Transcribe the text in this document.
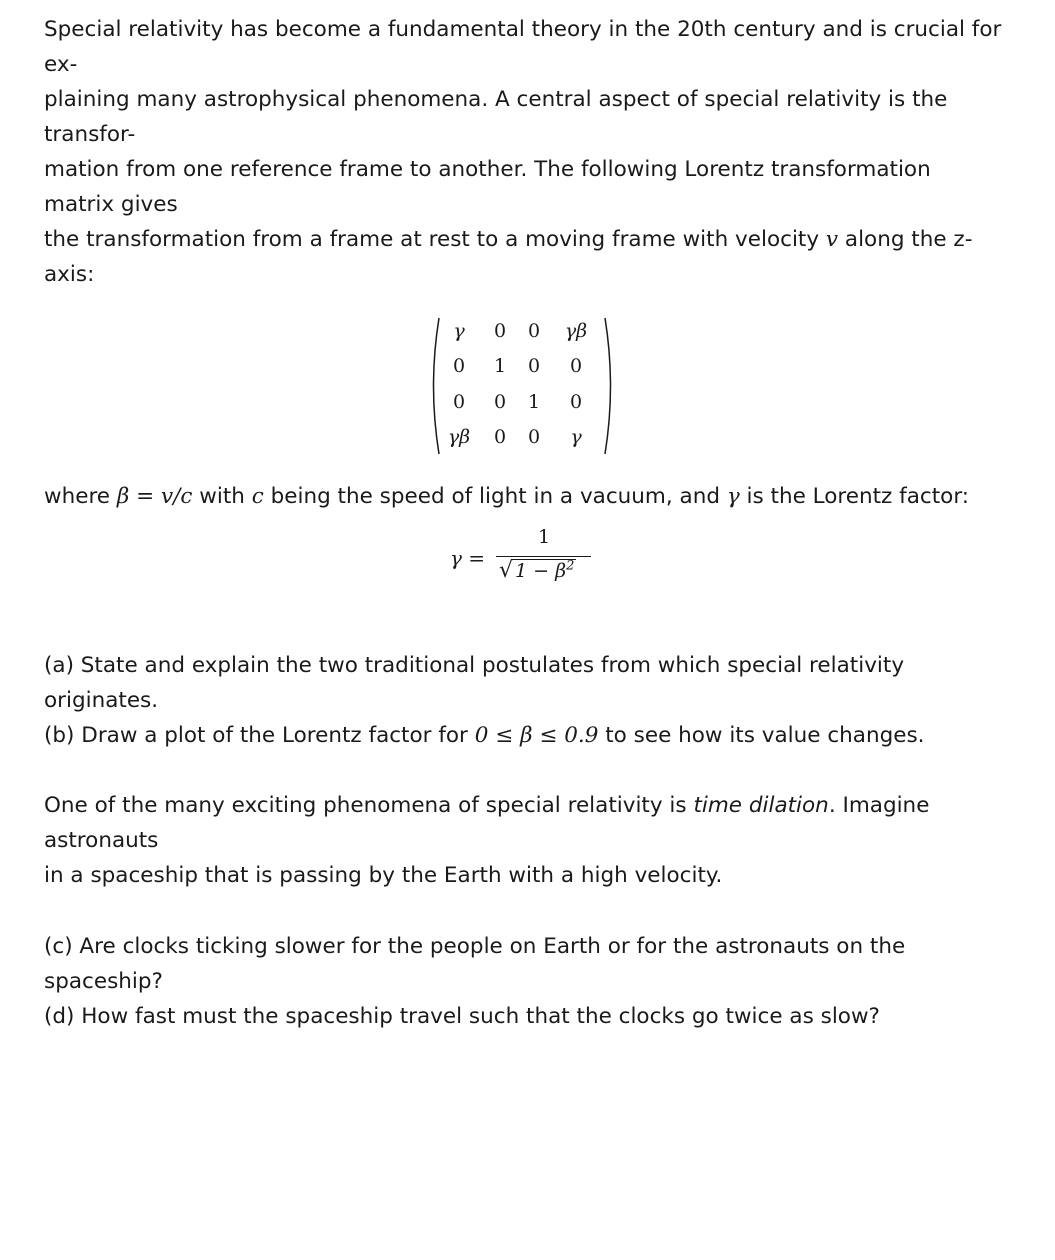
Special relativity has become a fundamental theory in the 20th century and is crucial for ex-
plaining many astrophysical phenomena. A central aspect of special relativity is the transfor-
mation from one reference frame to another. The following Lorentz transformation matrix gives
the transformation from a frame at rest to a moving frame with velocity v along the z-axis:

γ	0	0	γβ
0	1	0	0
0	0	1	0
γβ	0	0	γ

where β = v/c with c being the speed of light in a vacuum, and γ is the Lorentz factor:

γ =
1
√ $1 - \beta^2$

(a) State and explain the two traditional postulates from which special relativity originates.
(b) Draw a plot of the Lorentz factor for 0 ≤ β ≤ 0.9 to see how its value changes.

One of the many exciting phenomena of special relativity is time dilation. Imagine astronauts
in a spaceship that is passing by the Earth with a high velocity.

(c) Are clocks ticking slower for the people on Earth or for the astronauts on the spaceship?
(d) How fast must the spaceship travel such that the clocks go twice as slow?
